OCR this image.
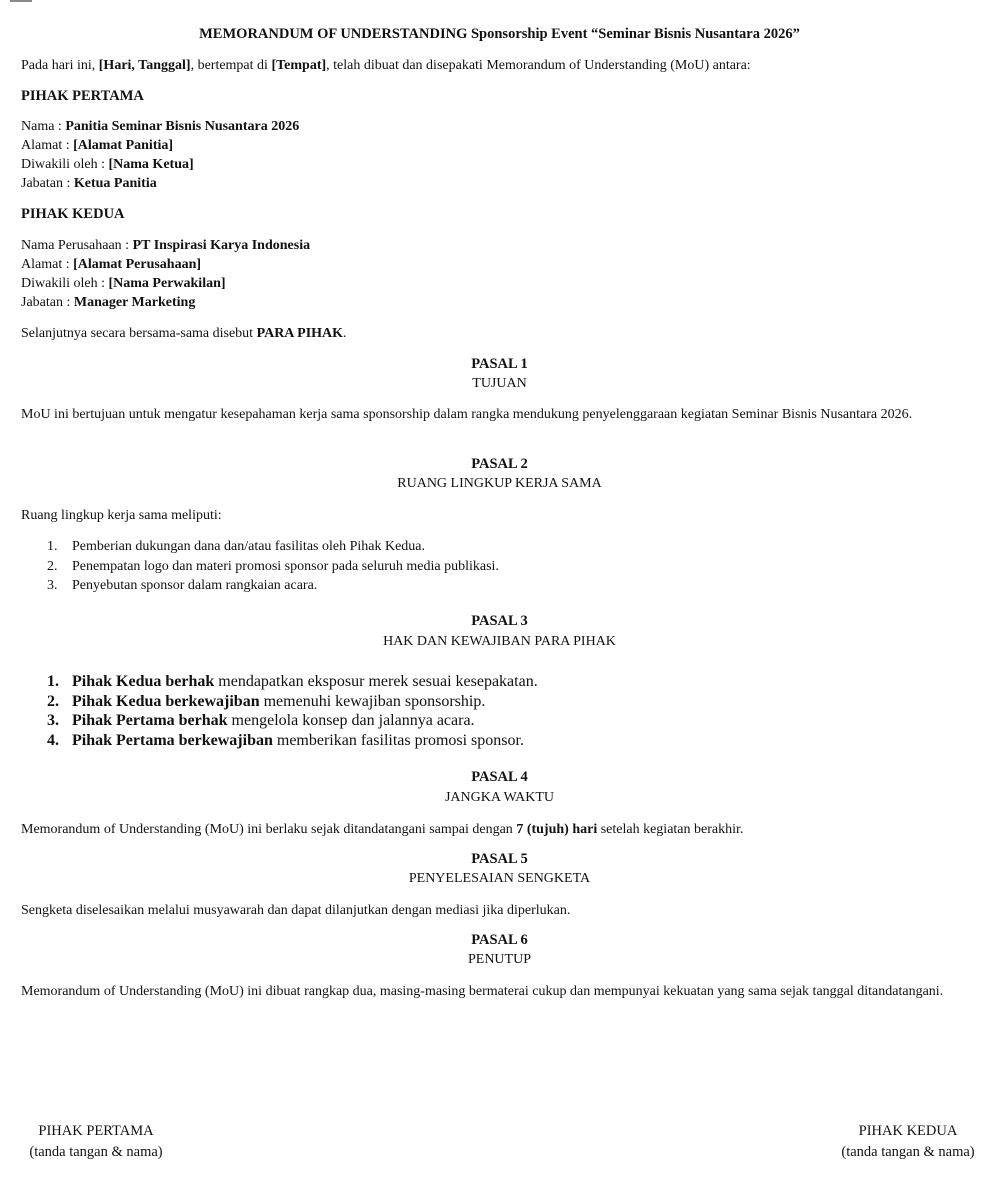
MEMORANDUM OF UNDERSTANDING Sponsorship Event “Seminar Bisnis Nusantara 2026”

Pada hari ini, [Hari, Tanggal], bertempat di [Tempat], telah dibuat dan disepakati Memorandum of Understanding (MoU) antara:

PIHAK PERTAMA

Nama : Panitia Seminar Bisnis Nusantara 2026
Alamat : [Alamat Panitia]
Diwakili oleh : [Nama Ketua]
Jabatan : Ketua Panitia

PIHAK KEDUA

Nama Perusahaan : PT Inspirasi Karya Indonesia
Alamat : [Alamat Perusahaan]
Diwakili oleh : [Nama Perwakilan]
Jabatan : Manager Marketing

Selanjutnya secara bersama-sama disebut PARA PIHAK.

PASAL 1

TUJUAN

MoU ini bertujuan untuk mengatur kesepahaman kerja sama sponsorship dalam rangka mendukung penyelenggaraan kegiatan Seminar Bisnis Nusantara 2026.

PASAL 2

RUANG LINGKUP KERJA SAMA

Ruang lingkup kerja sama meliputi:

1. Pemberian dukungan dana dan/atau fasilitas oleh Pihak Kedua.
2. Penempatan logo dan materi promosi sponsor pada seluruh media publikasi.
3. Penyebutan sponsor dalam rangkaian acara.

PASAL 3

HAK DAN KEWAJIBAN PARA PIHAK

1. Pihak Kedua berhak mendapatkan eksposur merek sesuai kesepakatan.
2. Pihak Kedua berkewajiban memenuhi kewajiban sponsorship.
3. Pihak Pertama berhak mengelola konsep dan jalannya acara.
4. Pihak Pertama berkewajiban memberikan fasilitas promosi sponsor.

PASAL 4

JANGKA WAKTU

Memorandum of Understanding (MoU) ini berlaku sejak ditandatangani sampai dengan 7 (tujuh) hari setelah kegiatan berakhir.

PASAL 5

PENYELESAIAN SENGKETA

Sengketa diselesaikan melalui musyawarah dan dapat dilanjutkan dengan mediasi jika diperlukan.

PASAL 6

PENUTUP

Memorandum of Understanding (MoU) ini dibuat rangkap dua, masing-masing bermaterai cukup dan mempunyai kekuatan yang sama sejak tanggal ditandatangani.

PIHAK PERTAMA
(tanda tangan & nama)
PIHAK KEDUA
(tanda tangan & nama)
